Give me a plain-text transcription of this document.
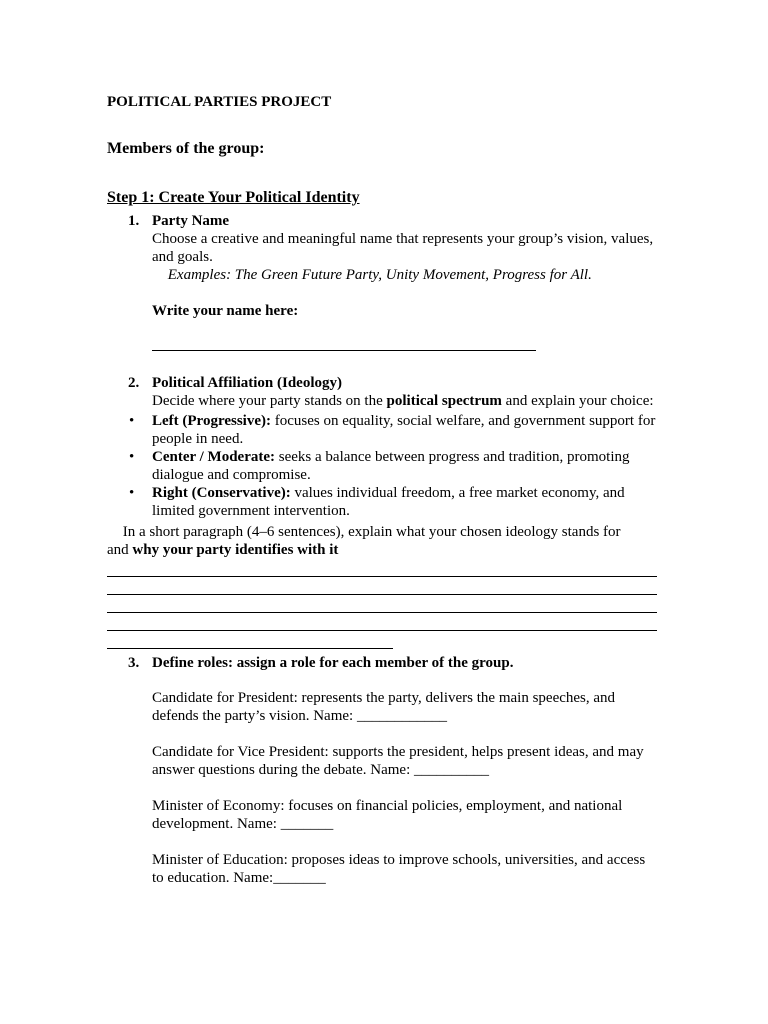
POLITICAL PARTIES PROJECT
Members of the group:
Step 1: Create Your Political Identity
1. Party Name
Choose a creative and meaningful name that represents your group’s vision, values, and goals.
Examples: The Green Future Party, Unity Movement, Progress for All.
Write your name here:
2. Political Affiliation (Ideology)
Decide where your party stands on the political spectrum and explain your choice:
• Left (Progressive): focuses on equality, social welfare, and government support for people in need.
• Center / Moderate: seeks a balance between progress and tradition, promoting dialogue and compromise.
• Right (Conservative): values individual freedom, a free market economy, and limited government intervention.
In a short paragraph (4–6 sentences), explain what your chosen ideology stands for and why your party identifies with it
3. Define roles: assign a role for each member of the group.
Candidate for President: represents the party, delivers the main speeches, and defends the party’s vision. Name: ____________
Candidate for Vice President: supports the president, helps present ideas, and may answer questions during the debate. Name: __________
Minister of Economy: focuses on financial policies, employment, and national development. Name: _______
Minister of Education: proposes ideas to improve schools, universities, and access to education. Name:_______
